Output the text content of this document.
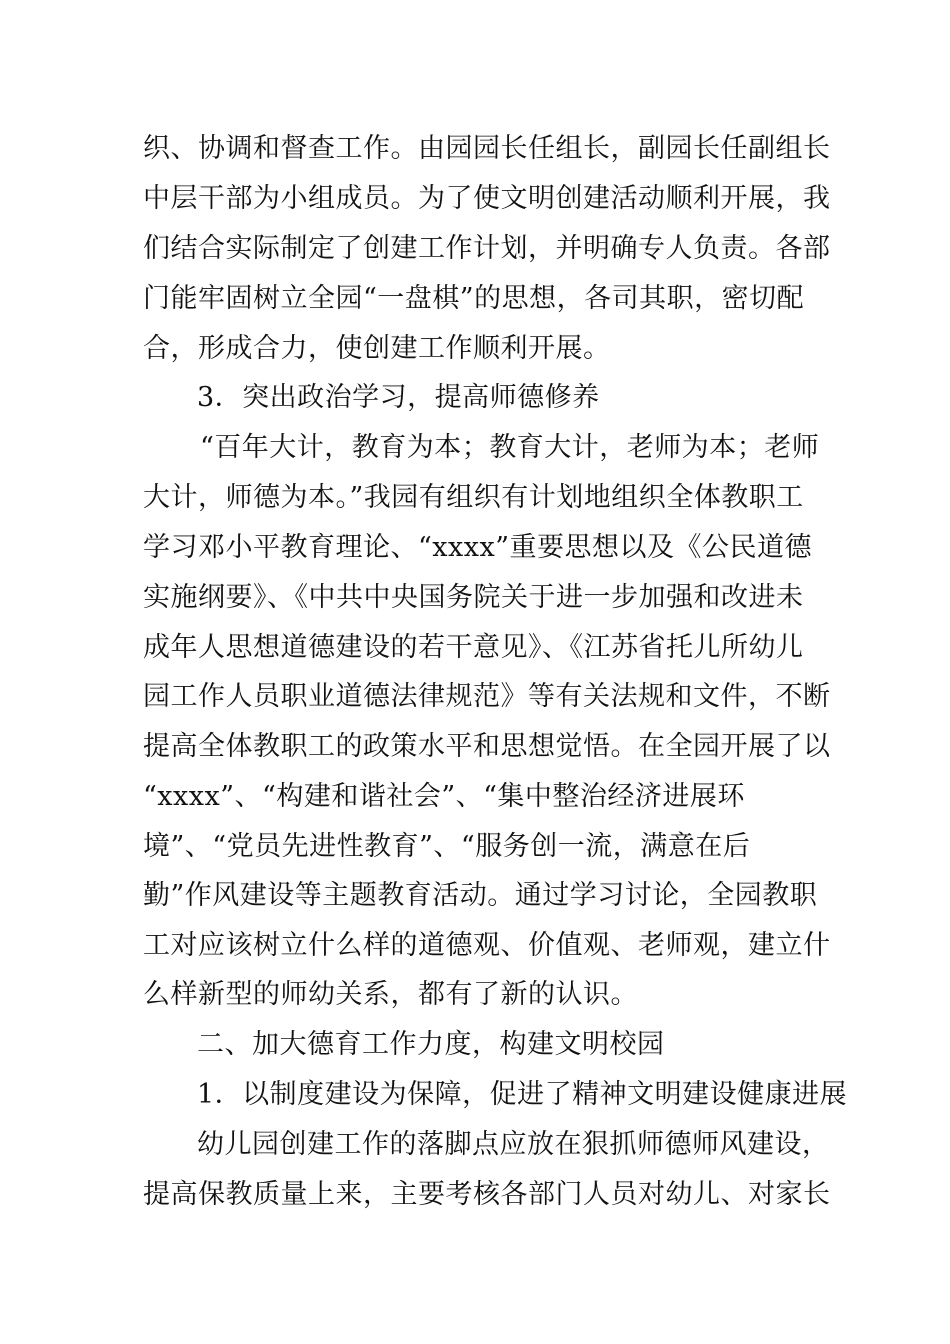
织、协调和督查工作。由园园长任组长，副园长任副组长
中层干部为小组成员。为了使文明创建活动顺利开展，我
们结合实际制定了创建工作计划，并明确专人负责。各部
门能牢固树立全园“一盘棋”的思想，各司其职，密切配
合，形成合力，使创建工作顺利开展。
3．突出政治学习，提高师德修养
“百年大计，教育为本；教育大计，老师为本；老师
大计，师德为本。”我园有组织有计划地组织全体教职工
学习邓小平教育理论、“xxxx”重要思想以及《公民道德
实施纲要》、《中共中央国务院关于进一步加强和改进未
成年人思想道德建设的若干意见》、《江苏省托儿所幼儿
园工作人员职业道德法律规范》等有关法规和文件，不断
提高全体教职工的政策水平和思想觉悟。在全园开展了以
“xxxx”、“构建和谐社会”、“集中整治经济进展环
境”、“党员先进性教育”、“服务创一流，满意在后
勤”作风建设等主题教育活动。通过学习讨论，全园教职
工对应该树立什么样的道德观、价值观、老师观，建立什
么样新型的师幼关系，都有了新的认识。
二、加大德育工作力度，构建文明校园
1．以制度建设为保障，促进了精神文明建设健康进展
幼儿园创建工作的落脚点应放在狠抓师德师风建设，
提高保教质量上来，主要考核各部门人员对幼儿、对家长
